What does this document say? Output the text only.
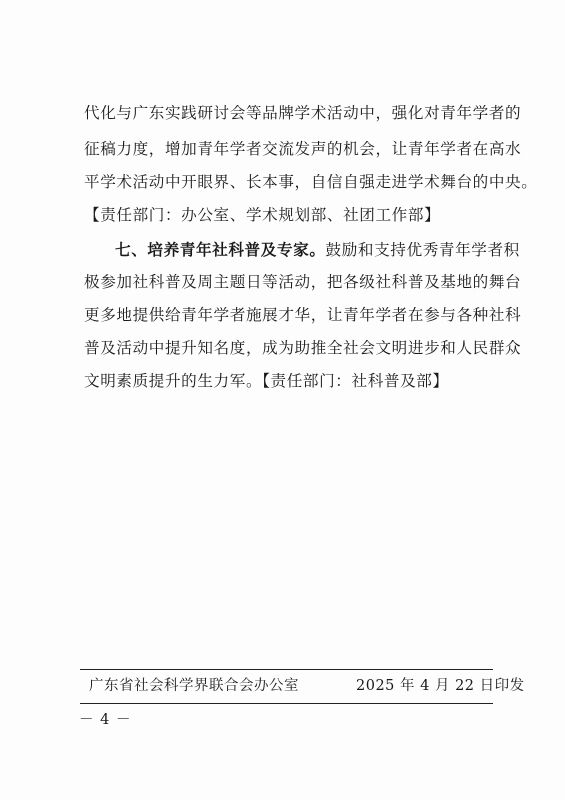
代化与广东实践研讨会等品牌学术活动中，强化对青年学者的
征稿力度，增加青年学者交流发声的机会，让青年学者在高水
平学术活动中开眼界、长本事，自信自强走进学术舞台的中央。
【责任部门：办公室、学术规划部、社团工作部】
七、培养青年社科普及专家。鼓励和支持优秀青年学者积
极参加社科普及周主题日等活动，把各级社科普及基地的舞台
更多地提供给青年学者施展才华，让青年学者在参与各种社科
普及活动中提升知名度，成为助推全社会文明进步和人民群众
文明素质提升的生力军。【责任部门：社科普及部】
广东省社会科学界联合会办公室	2025 年 4 月 22 日印发
－ 4 －
